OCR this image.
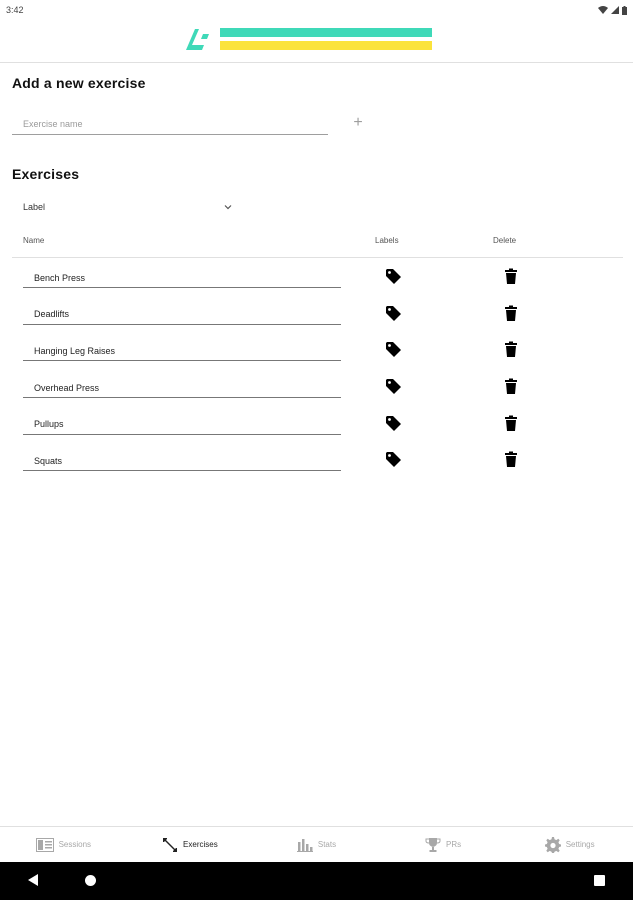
3:42
Add a new exercise
Exercise name
+
Exercises
Label
Name	Labels	Delete
Bench Press
Deadlifts
Hanging Leg Raises
Overhead Press
Pullups
Squats
Sessions	Exercises	Stats	PRs	Settings
